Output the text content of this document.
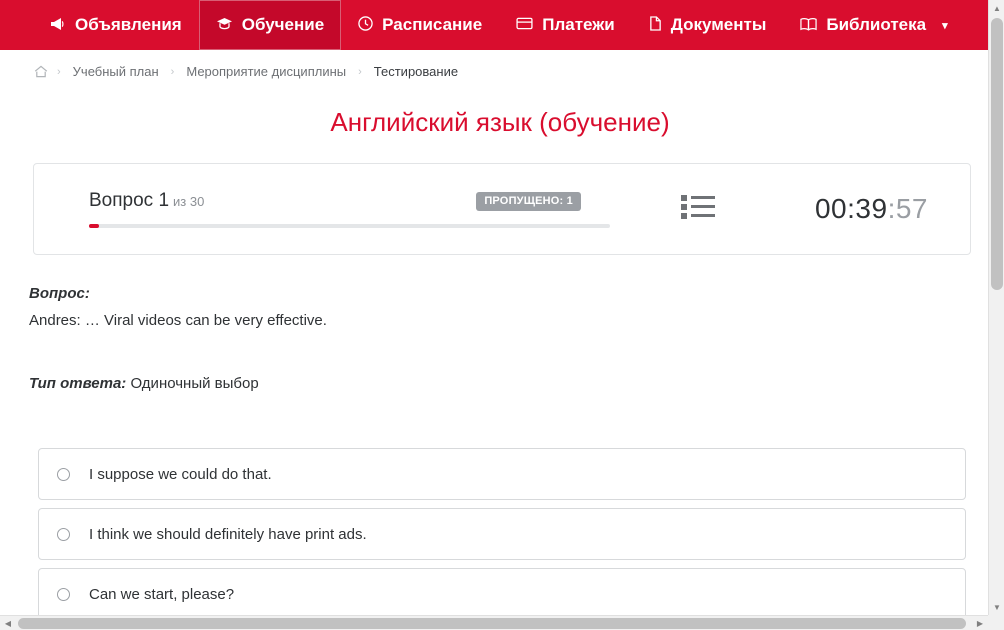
Объявления	Обучение	Расписание	Платежи	Документы	Библиотека ▾
› Учебный план	› Мероприятие дисциплины	› Тестирование
Английский язык (обучение)
Вопрос 1 из 30	ПРОПУЩЕНО: 1	00:39:57

Вопрос:

Andres: … Viral videos can be very effective.

Тип ответа: Одиночный выбор
I suppose we could do that.
I think we should definitely have print ads.
Can we start, please?
▲
▼
◀	▶
